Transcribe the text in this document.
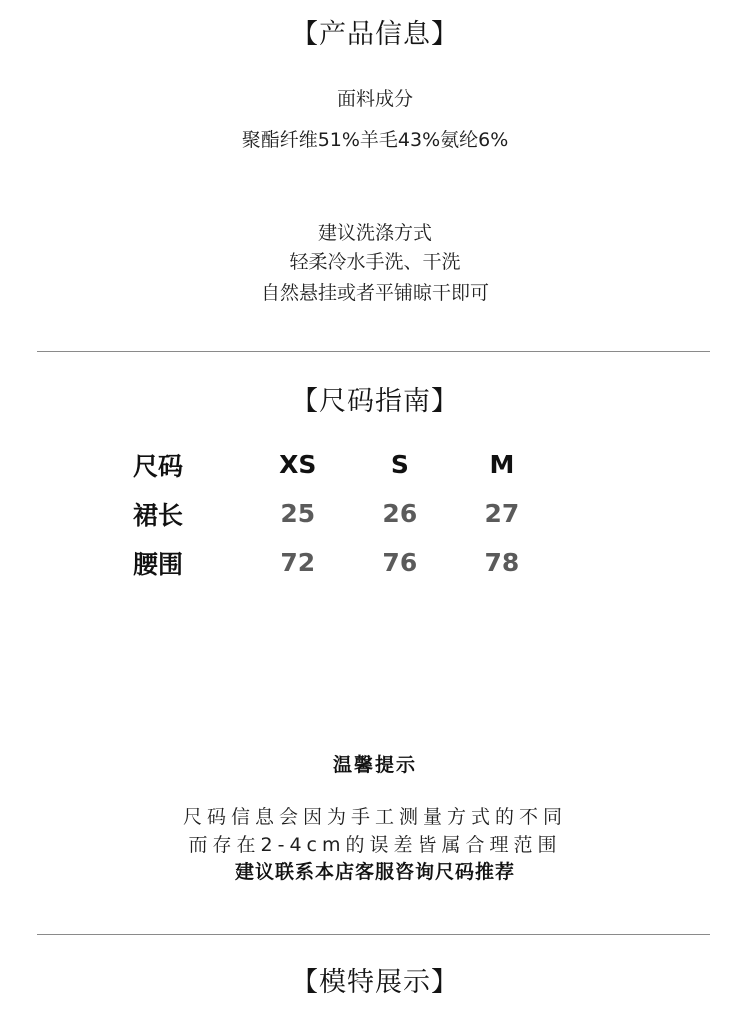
【产品信息】
面料成分
聚酯纤维51%羊毛43%氨纶6%
建议洗涤方式
轻柔冷水手洗、干洗
自然悬挂或者平铺晾干即可
【尺码指南】
尺码	XS	S	M
裙长	25	26	27
腰围	72	76	78
温馨提示
尺码信息会因为手工测量方式的不同
而存在2-4cm的误差皆属合理范围
建议联系本店客服咨询尺码推荐
【模特展示】
